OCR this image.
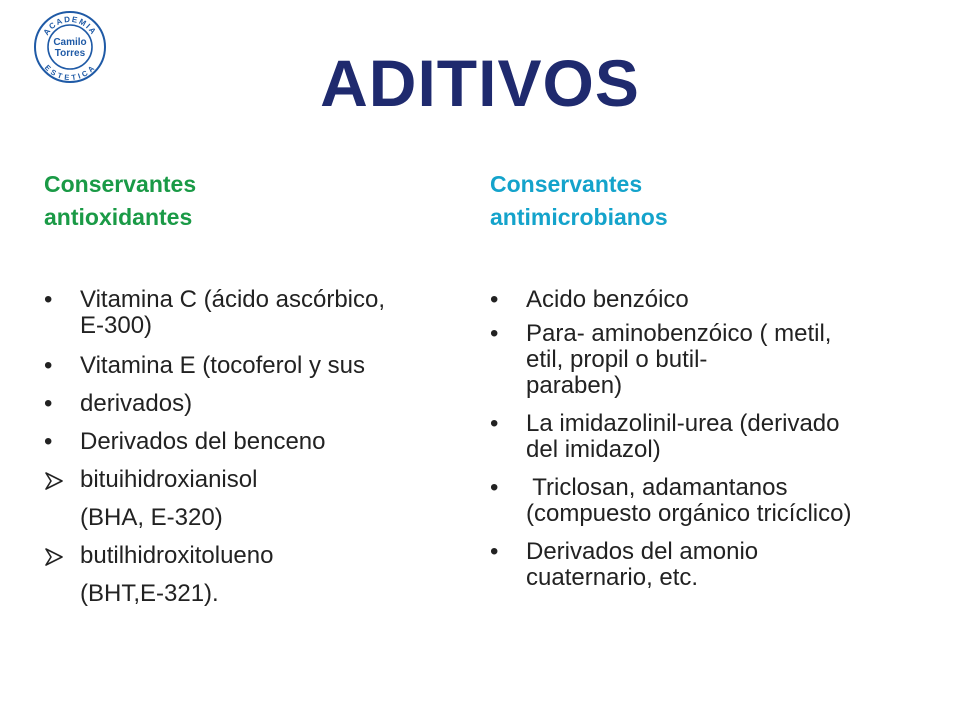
ACADEMIA
ESTETICA
Camilo
Torres	ADITIVOS
Conservantes
antioxidantes
•	Vitamina C (ácido ascórbico,
E-300)
•	Vitamina E (tocoferol y sus
•	derivados)
•	Derivados del benceno
bituihidroxianisol
(BHA, E-320)
butilhidroxitolueno
(BHT,E-321).
Conservantes
antimicrobianos
•	Acido benzóico
•	Para- aminobenzóico ( metil,
etil, propil o butil-
paraben)
•	La imidazolinil-urea (derivado
del imidazol)
•	Triclosan, adamantanos
(compuesto orgánico tricíclico)
•	Derivados del amonio
cuaternario, etc.
